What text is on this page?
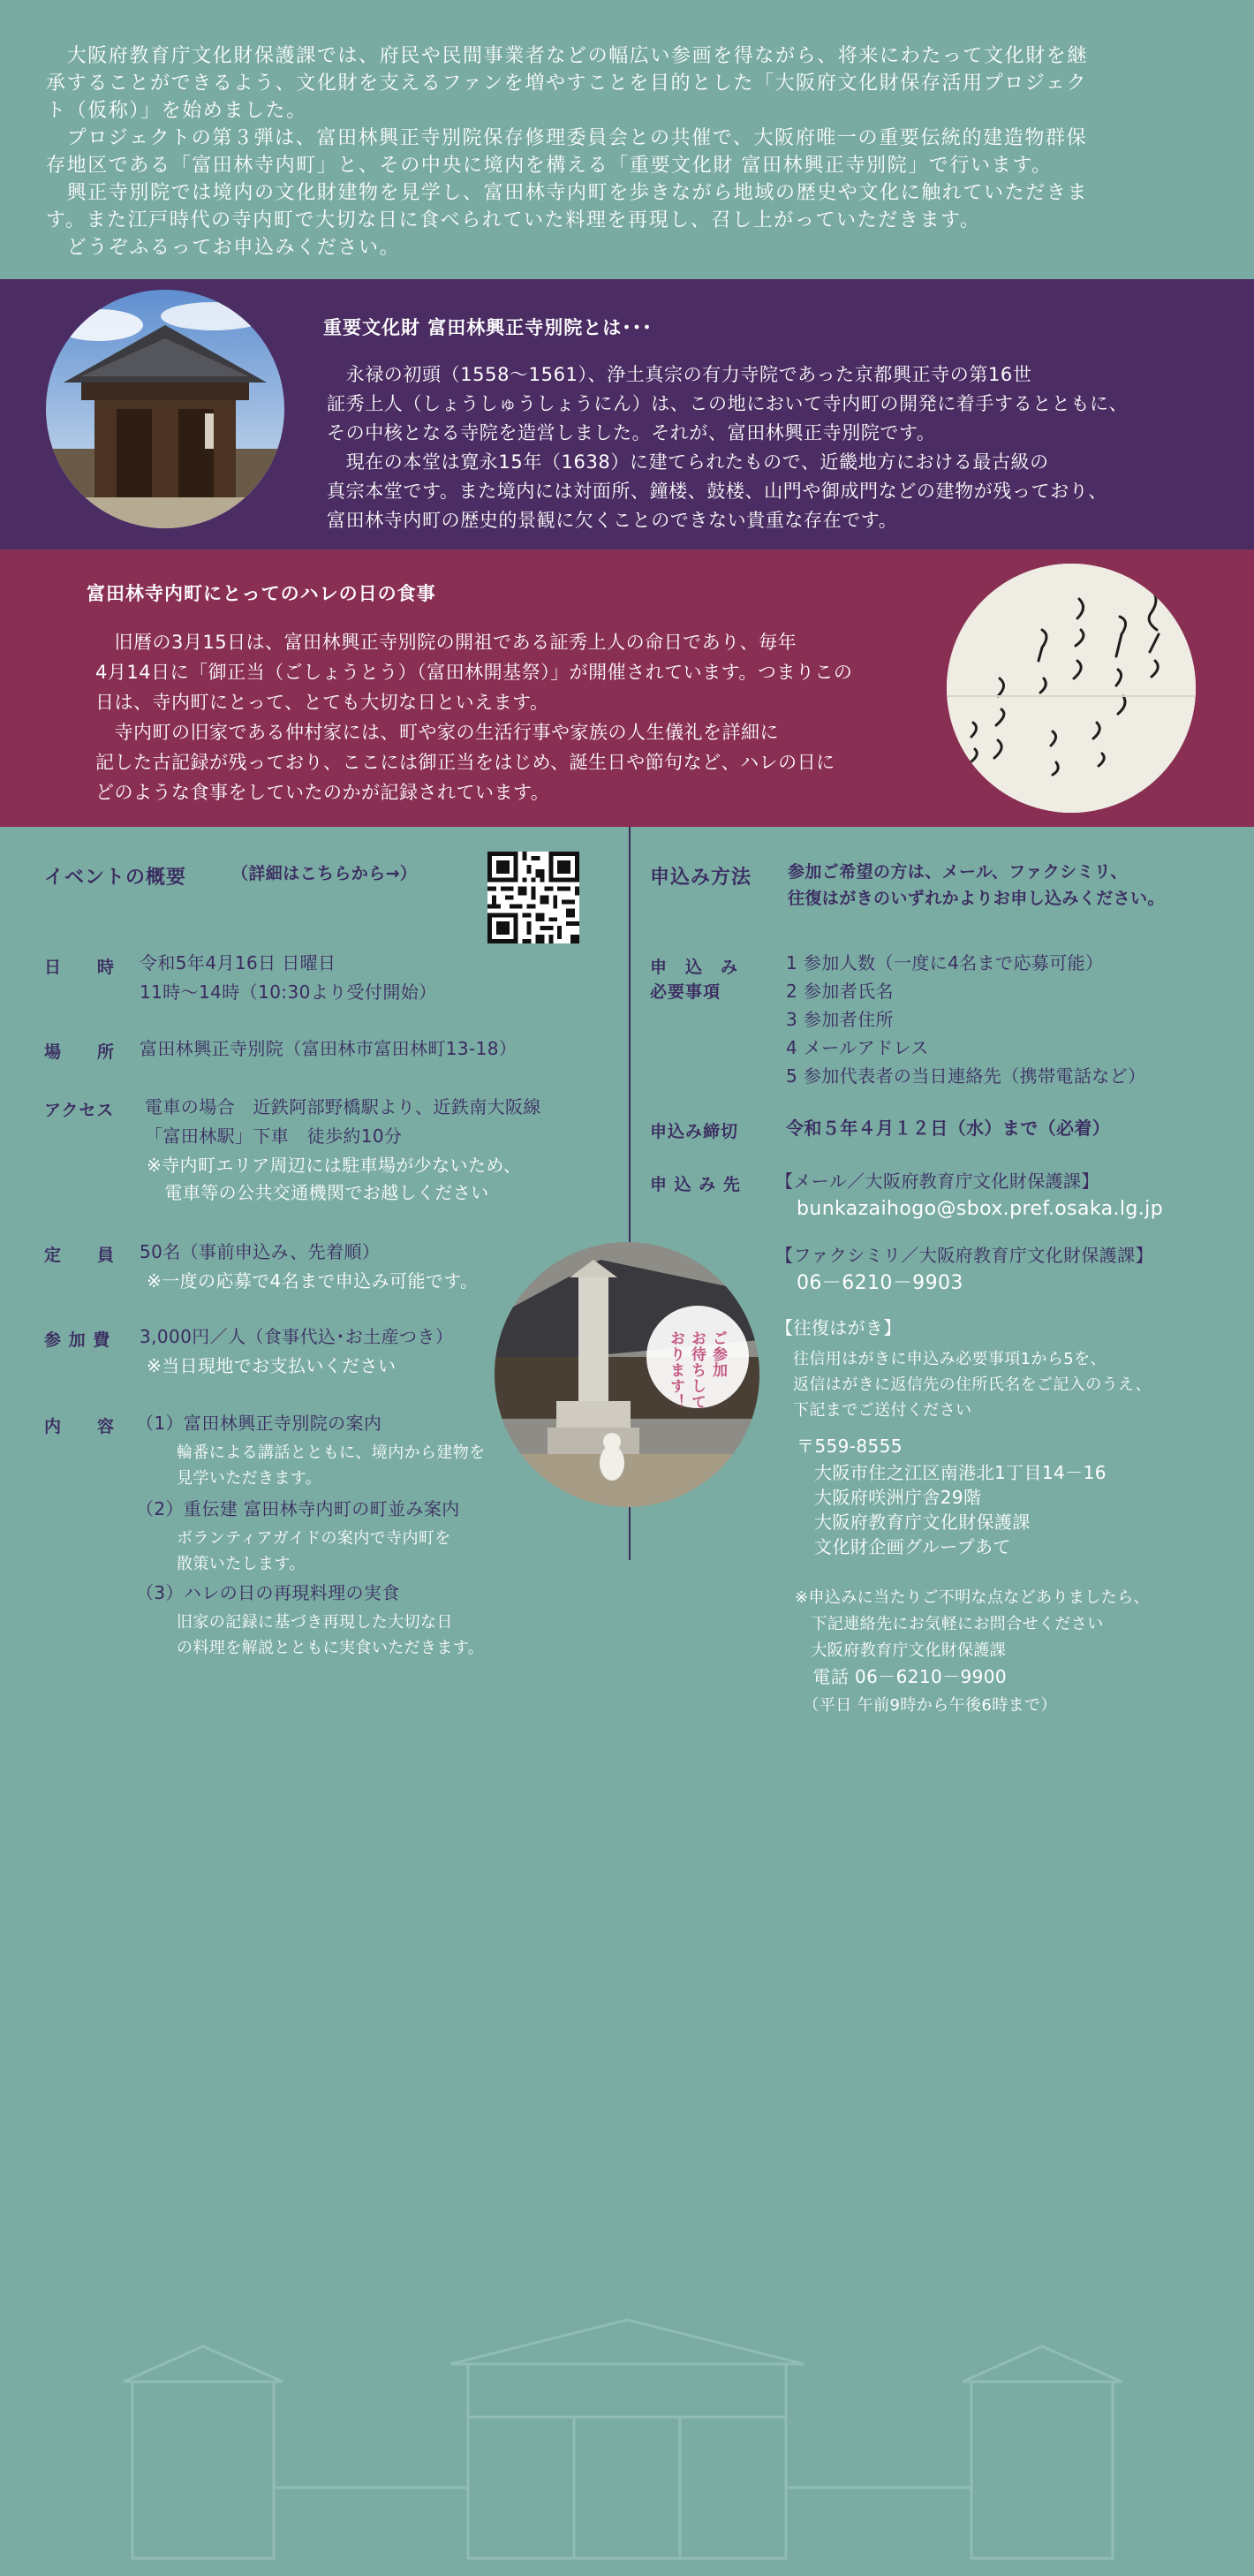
　大阪府教育庁文化財保護課では、府民や民間事業者などの幅広い参画を得ながら、将来にわたって文化財を継
承することができるよう、文化財を支えるファンを増やすことを目的とした「大阪府文化財保存活用プロジェク
ト（仮称）」を始めました。
　プロジェクトの第３弾は、富田林興正寺別院保存修理委員会との共催で、大阪府唯一の重要伝統的建造物群保
存地区である「富田林寺内町」と、その中央に境内を構える「重要文化財 富田林興正寺別院」で行います。
　興正寺別院では境内の文化財建物を見学し、富田林寺内町を歩きながら地域の歴史や文化に触れていただきま
す。また江戸時代の寺内町で大切な日に食べられていた料理を再現し、召し上がっていただきます。
　どうぞふるってお申込みください。
重要文化財 富田林興正寺別院とは･･･
　永禄の初頭（1558～1561）、浄土真宗の有力寺院であった京都興正寺の第16世
証秀上人（しょうしゅうしょうにん）は、この地において寺内町の開発に着手するとともに、
その中核となる寺院を造営しました。それが、富田林興正寺別院です。
　現在の本堂は寛永15年（1638）に建てられたもので、近畿地方における最古級の
真宗本堂です。また境内には対面所、鐘楼、鼓楼、山門や御成門などの建物が残っており、
富田林寺内町の歴史的景観に欠くことのできない貴重な存在です。
富田林寺内町にとってのハレの日の食事
　旧暦の3月15日は、富田林興正寺別院の開祖である証秀上人の命日であり、毎年
4月14日に「御正当（ごしょうとう）（富田林開基祭）」が開催されています。つまりこの
日は、寺内町にとって、とても大切な日といえます。
　寺内町の旧家である仲村家には、町や家の生活行事や家族の人生儀礼を詳細に
記した古記録が残っており、ここには御正当をはじめ、誕生日や節句など、ハレの日に
どのような食事をしていたのかが記録されています。
イベントの概要	（詳細はこちらから→）
日　　時 令和5年4月16日 日曜日
11時～14時（10:30より受付開始）
場　　所 富田林興正寺別院（富田林市富田林町13-18）
アクセス 電車の場合　近鉄阿部野橋駅より、近鉄南大阪線
「富田林駅」下車　徒歩約10分
※寺内町エリア周辺には駐車場が少ないため、
　電車等の公共交通機関でお越しください
定　　員 50名（事前申込み、先着順）
※一度の応募で4名まで申込み可能です。
参 加 費 3,000円／人（食事代込･お土産つき）
※当日現地でお支払いください
内　　容 （1）富田林興正寺別院の案内
輪番による講話とともに、境内から建物を
見学いただきます。
（2）重伝建 富田林寺内町の町並み案内
ボランティアガイドの案内で寺内町を
散策いたします。
（3）ハレの日の再現料理の実食
旧家の記録に基づき再現した大切な日
の料理を解説とともに実食いただきます。
ご参加
お待ちして
おります！
申込み方法 参加ご希望の方は、メール、ファクシミリ、
往復はがきのいずれかよりお申し込みください。
申　込　み
必要事項
1 参加人数（一度に4名まで応募可能）
2 参加者氏名
3 参加者住所
4 メールアドレス
5 参加代表者の当日連絡先（携帯電話など）
申込み締切	令和５年４月１２日（水）まで（必着）
申 込 み 先 【メール／大阪府教育庁文化財保護課】
bunkazaihogo@sbox.pref.osaka.lg.jp
【ファクシミリ／大阪府教育庁文化財保護課】
06－6210－9903
【往復はがき】
往信用はがきに申込み必要事項1から5を、
返信はがきに返信先の住所氏名をご記入のうえ、
下記までご送付ください
〒559-8555
大阪市住之江区南港北1丁目14－16
大阪府咲洲庁舎29階
大阪府教育庁文化財保護課
文化財企画グループあて
※申込みに当たりご不明な点などありましたら、
　下記連絡先にお気軽にお問合せください
　大阪府教育庁文化財保護課
　電話 06－6210－9900
　（平日 午前9時から午後6時まで）
